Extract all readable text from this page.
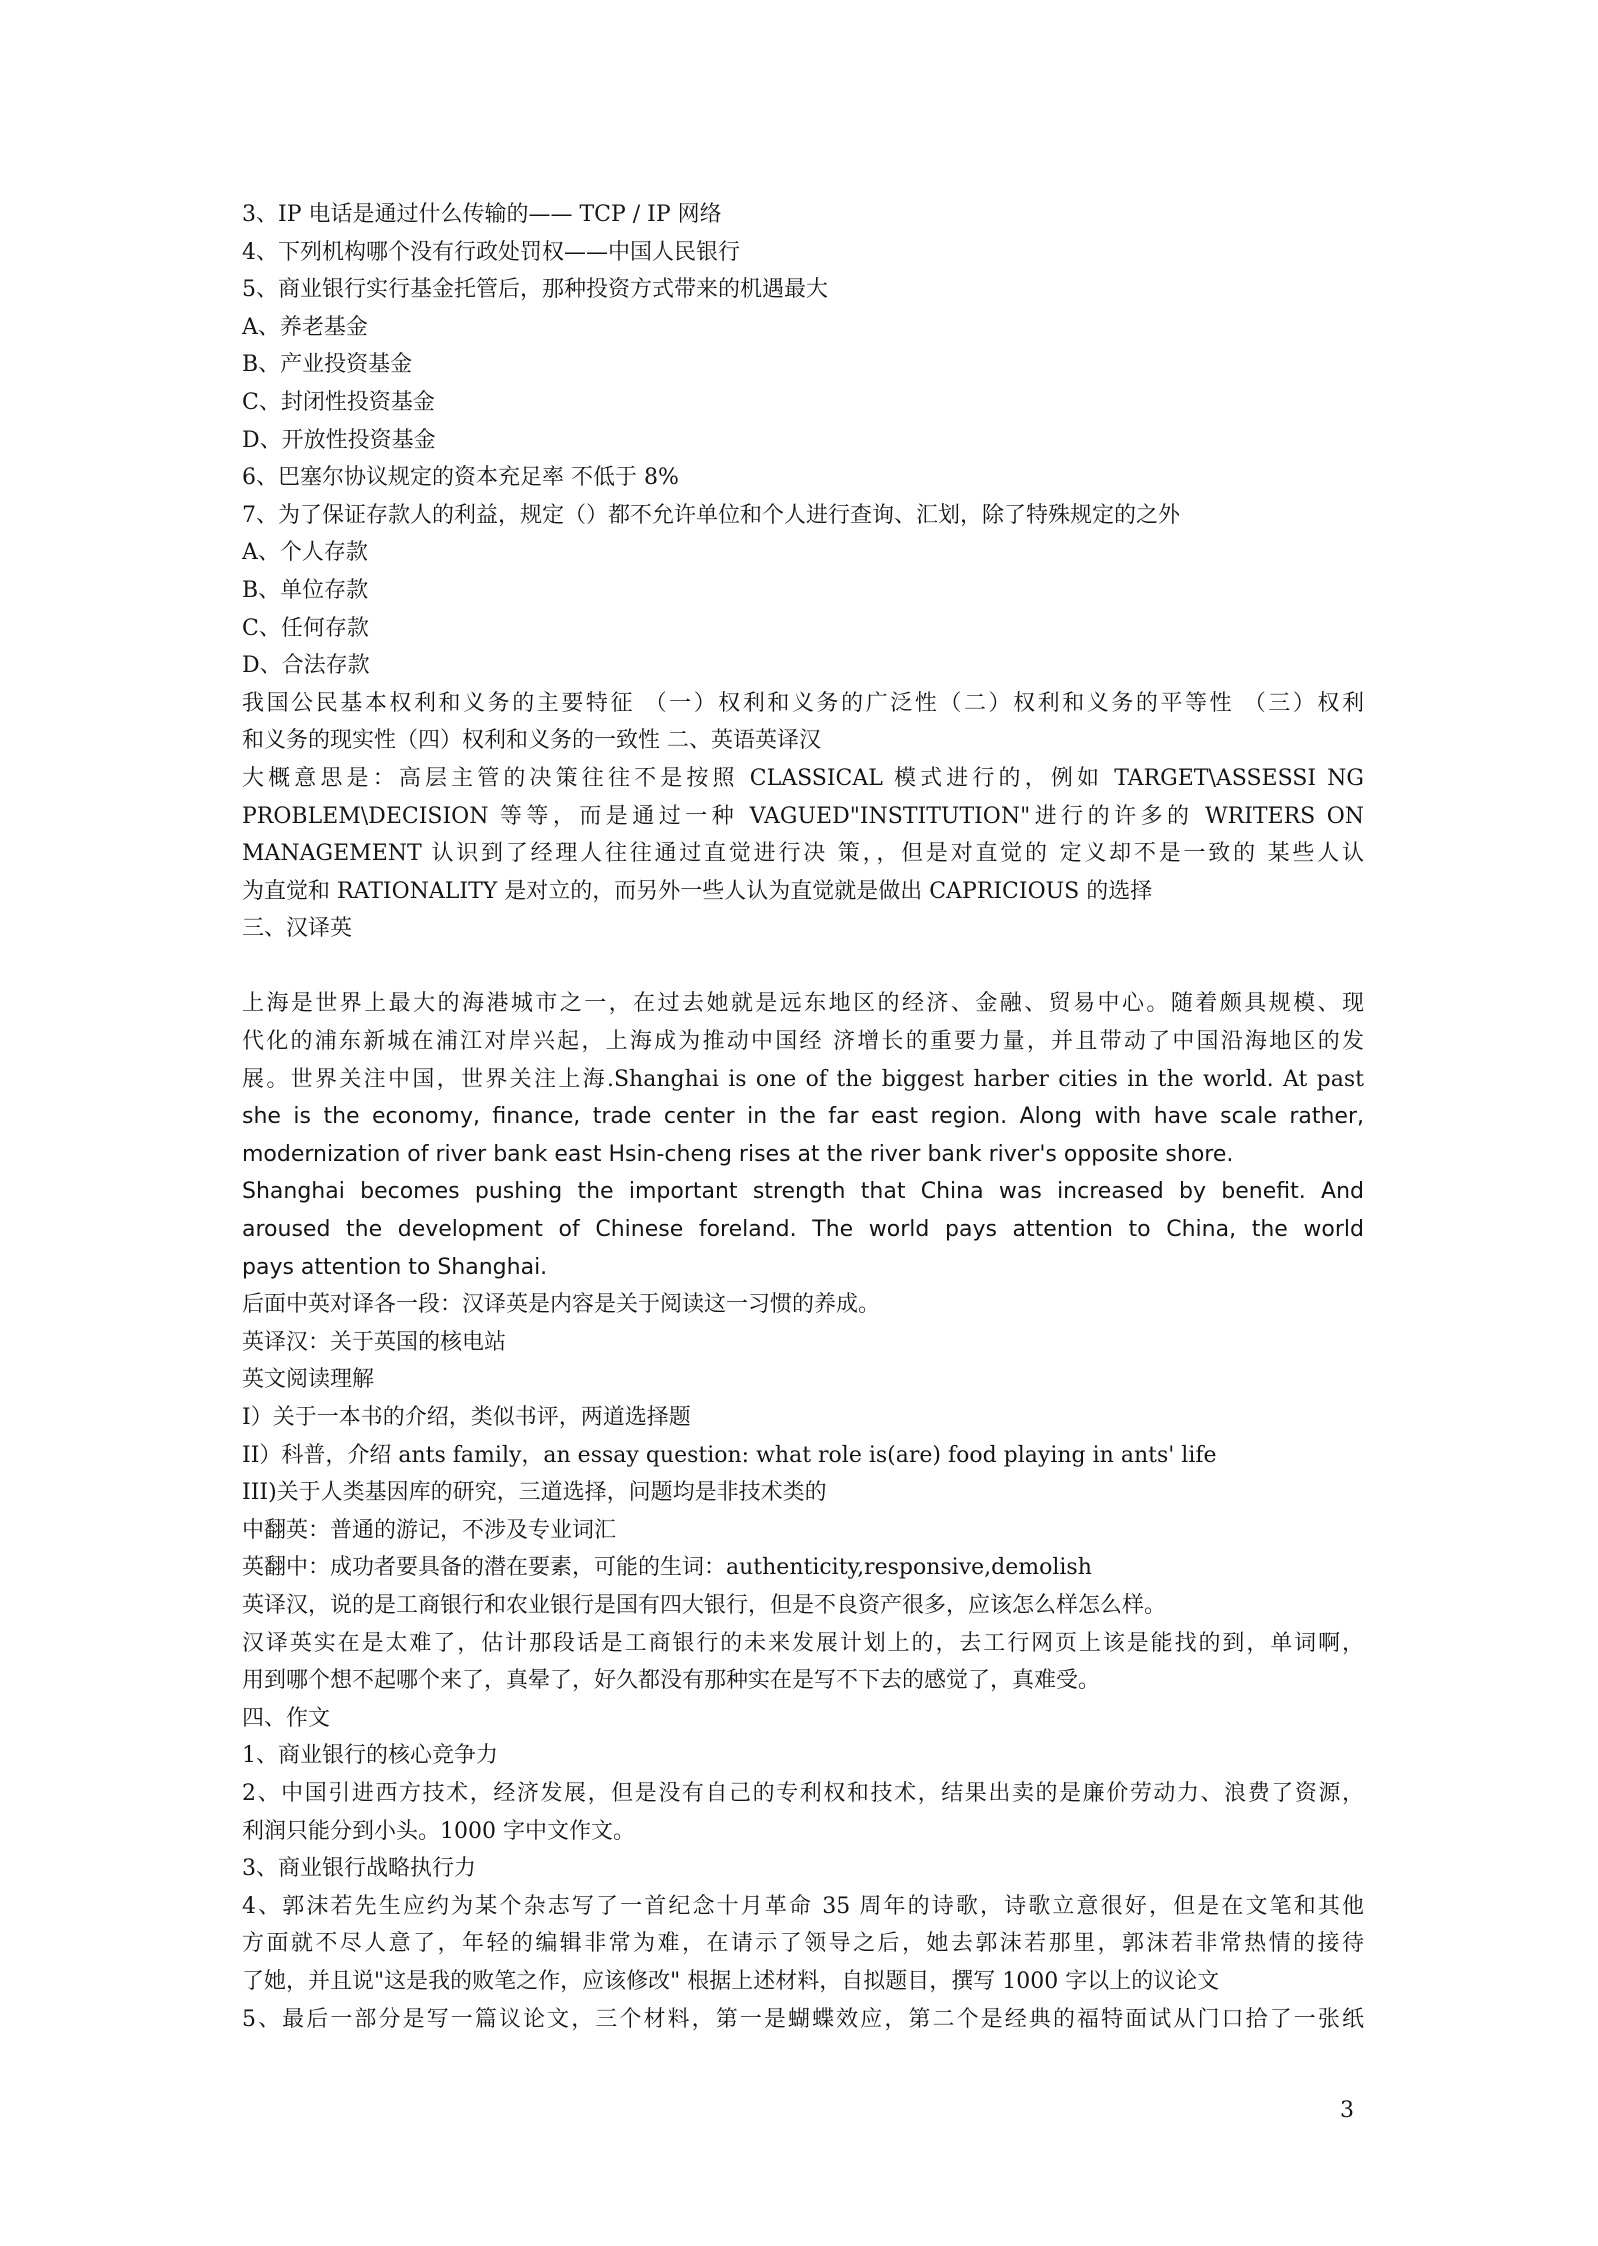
3、IP 电话是通过什么传输的—— TCP / IP 网络
4、下列机构哪个没有行政处罚权——中国人民银行
5、商业银行实行基金托管后，那种投资方式带来的机遇最大
A、养老基金
B、产业投资基金
C、封闭性投资基金
D、开放性投资基金
6、巴塞尔协议规定的资本充足率 不低于 8%
7、为了保证存款人的利益，规定（）都不允许单位和个人进行查询、汇划，除了特殊规定的之外
A、个人存款
B、单位存款
C、任何存款
D、合法存款
我国公民基本权利和义务的主要特征 （一）权利和义务的广泛性（二）权利和义务的平等性 （三）权利
和义务的现实性（四）权利和义务的一致性 二、英语英译汉
大概意思是：高层主管的决策往往不是按照 CLASSICAL 模式进行的，例如 TARGET\ASSESSI NG
PROBLEM\DECISION 等等，而是通过一种 VAGUED"INSTITUTION"进行的许多的 WRITERS ON
MANAGEMENT 认识到了经理人往往通过直觉进行决 策，，但是对直觉的 定义却不是一致的 某些人认
为直觉和 RATIONALITY 是对立的，而另外一些人认为直觉就是做出 CAPRICIOUS 的选择
三、汉译英
上海是世界上最大的海港城市之一，在过去她就是远东地区的经济、金融、贸易中心。随着颇具规模、现
代化的浦东新城在浦江对岸兴起，上海成为推动中国经 济增长的重要力量，并且带动了中国沿海地区的发
展。世界关注中国，世界关注上海.Shanghai is one of the biggest harber cities in the world. At past
she is the economy, finance, trade center in the far east region. Along with have scale rather,
modernization of river bank east Hsin-cheng rises at the river bank river's opposite shore.
Shanghai becomes pushing the important strength that China was increased by benefit. And
aroused the development of Chinese foreland. The world pays attention to China, the world
pays attention to Shanghai.
后面中英对译各一段：汉译英是内容是关于阅读这一习惯的养成。
英译汉：关于英国的核电站
英文阅读理解
I）关于一本书的介绍，类似书评，两道选择题
II）科普，介绍 ants family，an essay question: what role is(are) food playing in ants' life
III)关于人类基因库的研究，三道选择，问题均是非技术类的
中翻英：普通的游记，不涉及专业词汇
英翻中：成功者要具备的潜在要素，可能的生词：authenticity,responsive,demolish
英译汉，说的是工商银行和农业银行是国有四大银行，但是不良资产很多，应该怎么样怎么样。
汉译英实在是太难了，估计那段话是工商银行的未来发展计划上的，去工行网页上该是能找的到，单词啊，
用到哪个想不起哪个来了，真晕了，好久都没有那种实在是写不下去的感觉了，真难受。
四、作文
1、商业银行的核心竞争力
2、中国引进西方技术，经济发展，但是没有自己的专利权和技术，结果出卖的是廉价劳动力、浪费了资源，
利润只能分到小头。1000 字中文作文。
3、商业银行战略执行力
4、郭沫若先生应约为某个杂志写了一首纪念十月革命 35 周年的诗歌，诗歌立意很好，但是在文笔和其他
方面就不尽人意了，年轻的编辑非常为难，在请示了领导之后，她去郭沫若那里，郭沫若非常热情的接待
了她，并且说"这是我的败笔之作，应该修改" 根据上述材料，自拟题目，撰写 1000 字以上的议论文
5、最后一部分是写一篇议论文，三个材料，第一是蝴蝶效应，第二个是经典的福特面试从门口拾了一张纸
3
